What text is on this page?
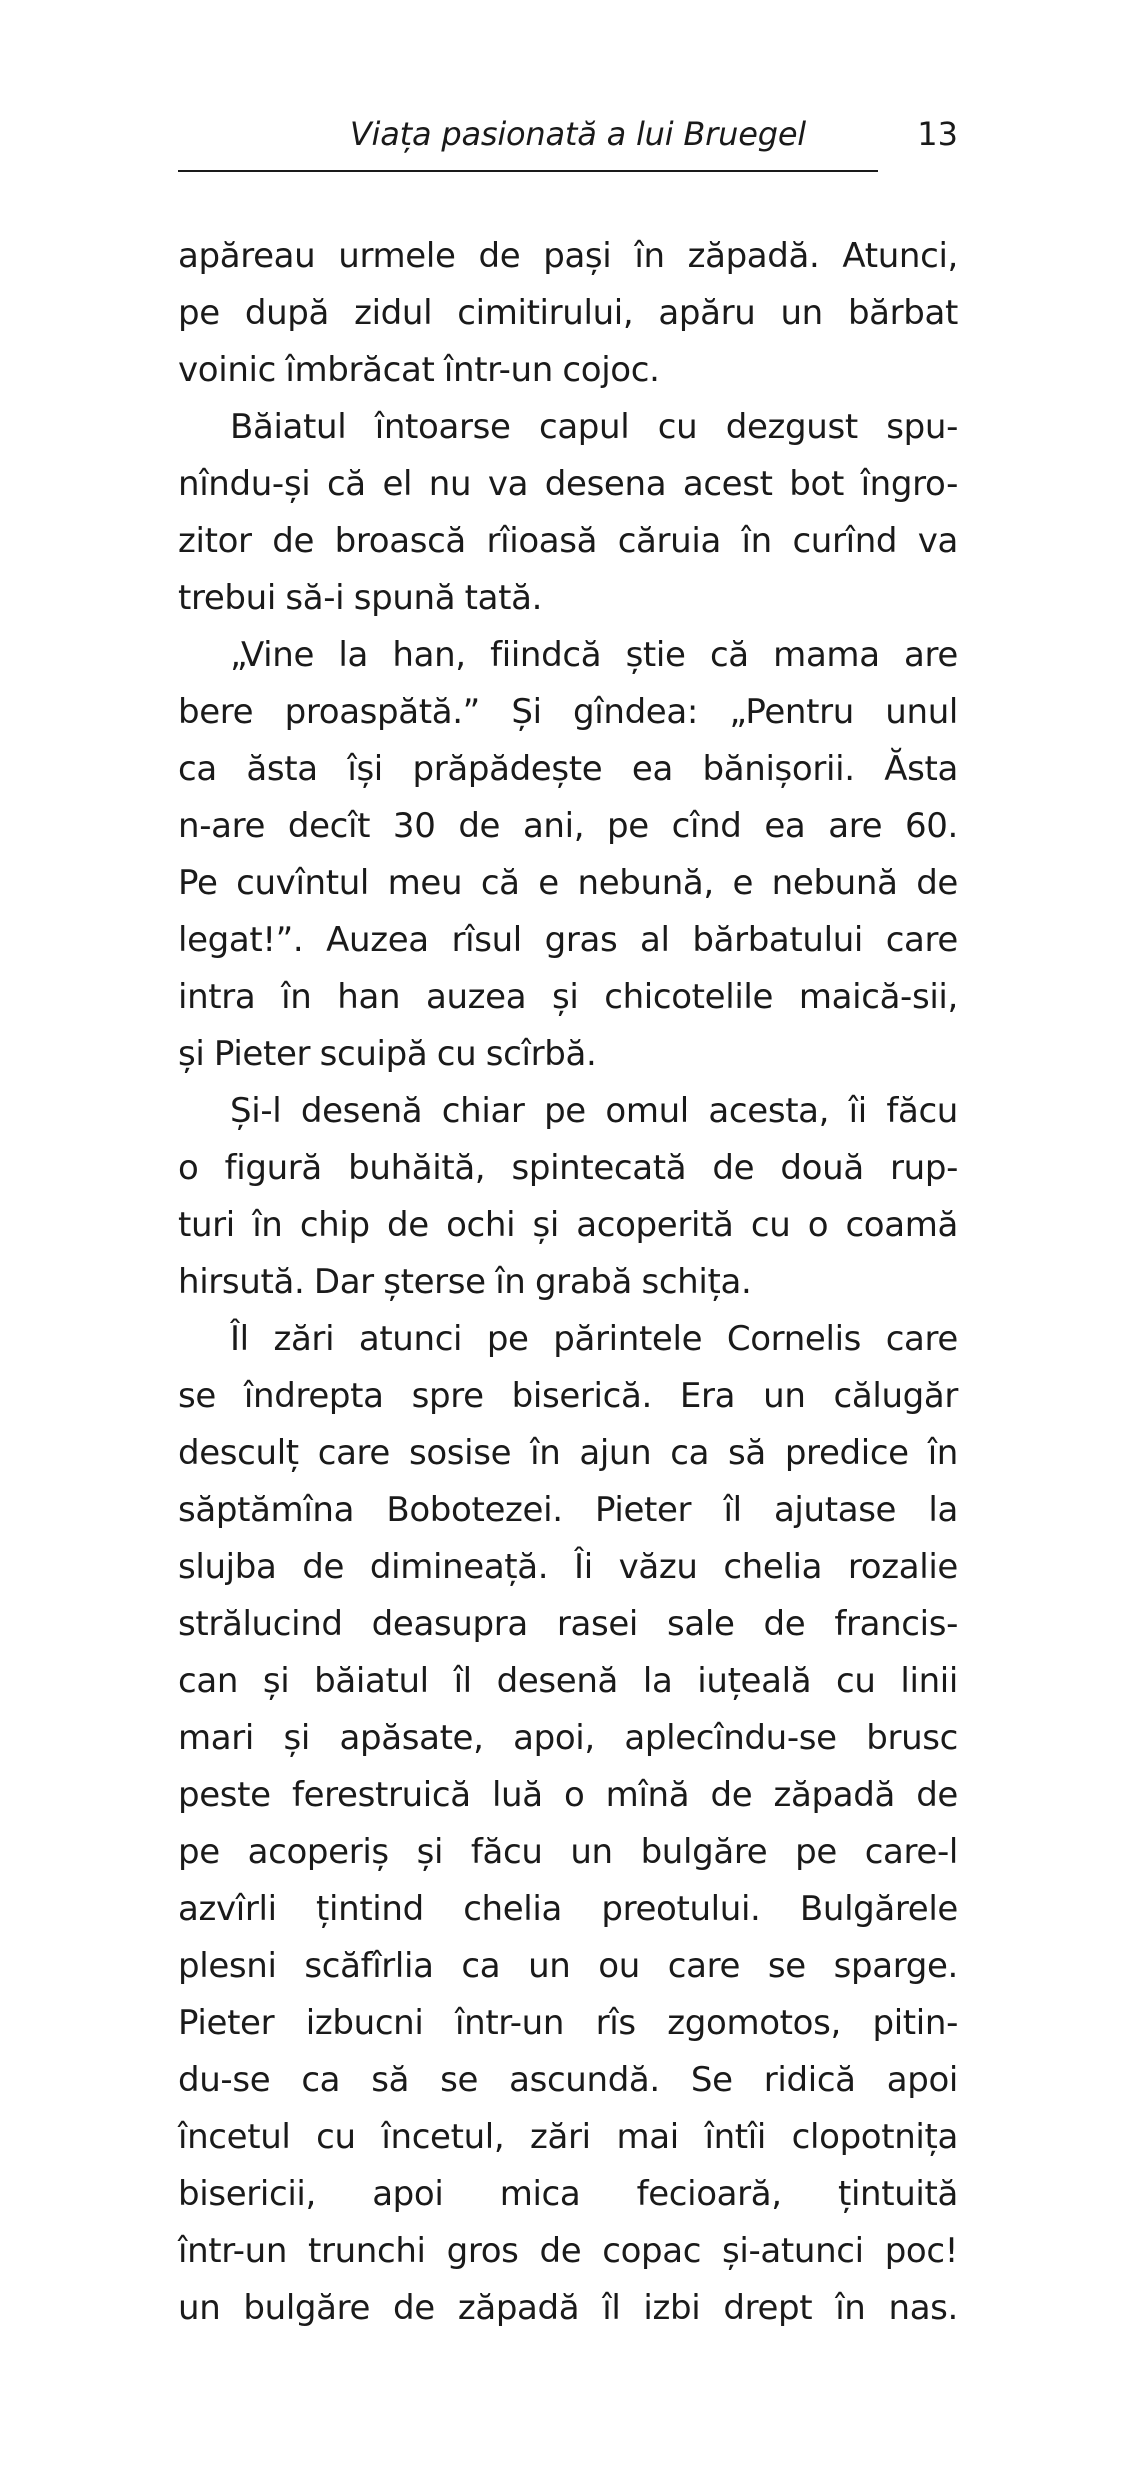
Viața pasionată a lui Bruegel	13
apăreau urmele de pași în zăpadă. Atunci,
pe după zidul cimitirului, apăru un bărbat
voinic îmbrăcat într-un cojoc.
Băiatul întoarse capul cu dezgust spu-
nîndu-și că el nu va desena acest bot îngro-
zitor de broască rîioasă căruia în curînd va
trebui să-i spună tată.
„Vine la han, fiindcă știe că mama are
bere proaspătă.” Și gîndea: „Pentru unul
ca ăsta își prăpădește ea bănișorii. Ăsta
n-are decît 30 de ani, pe cînd ea are 60.
Pe cuvîntul meu că e nebună, e nebună de
legat!”. Auzea rîsul gras al bărbatului care
intra în han auzea și chicotelile maică-sii,
și Pieter scuipă cu scîrbă.
Și-l desenă chiar pe omul acesta, îi făcu
o figură buhăită, spintecată de două rup-
turi în chip de ochi și acoperită cu o coamă
hirsută. Dar șterse în grabă schița.
Îl zări atunci pe părintele Cornelis care
se îndrepta spre biserică. Era un călugăr
desculț care sosise în ajun ca să predice în
săptămîna Bobotezei. Pieter îl ajutase la
slujba de dimineață. Îi văzu chelia rozalie
strălucind deasupra rasei sale de francis-
can și băiatul îl desenă la iuțeală cu linii
mari și apăsate, apoi, aplecîndu-se brusc
peste ferestruică luă o mînă de zăpadă de
pe acoperiș și făcu un bulgăre pe care-l
azvîrli țintind chelia preotului. Bulgărele
plesni scăfîrlia ca un ou care se sparge.
Pieter izbucni într-un rîs zgomotos, pitin-
du-se ca să se ascundă. Se ridică apoi
încetul cu încetul, zări mai întîi clopotnița
bisericii, apoi mica fecioară, țintuită
într-un trunchi gros de copac și-atunci poc!
un bulgăre de zăpadă îl izbi drept în nas.
